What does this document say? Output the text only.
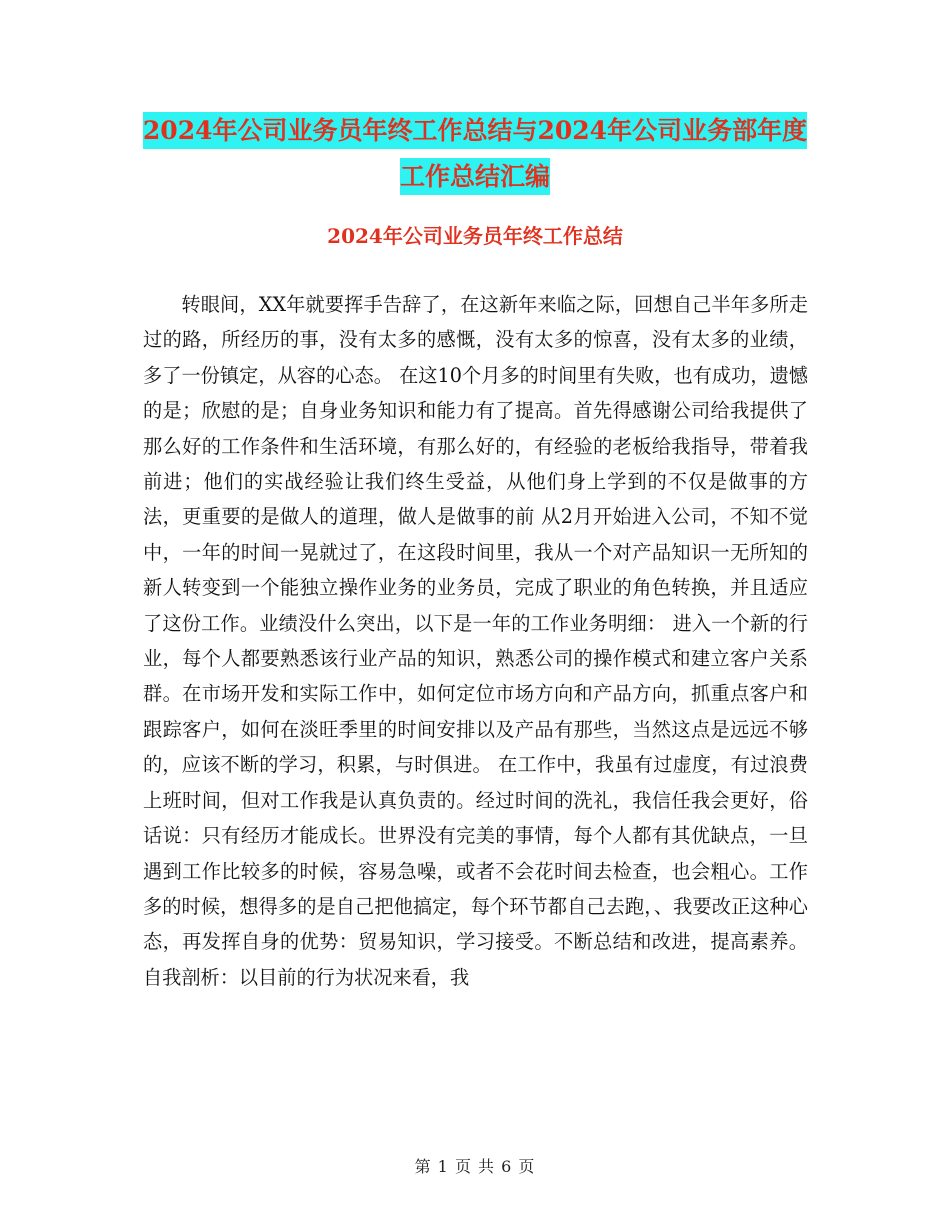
2024年公司业务员年终工作总结与2024年公司业务部年度工作总结汇编
2024年公司业务员年终工作总结

转眼间，XX年就要挥手告辞了，在这新年来临之际，回想自己半年多所走过的路，所经历的事，没有太多的感慨，没有太多的惊喜，没有太多的业绩，多了一份镇定，从容的心态。 在这10个月多的时间里有失败，也有成功，遗憾的是；欣慰的是；自身业务知识和能力有了提高。首先得感谢公司给我提供了那么好的工作条件和生活环境，有那么好的，有经验的老板给我指导，带着我前进；他们的实战经验让我们终生受益，从他们身上学到的不仅是做事的方法，更重要的是做人的道理，做人是做事的前 从2月开始进入公司，不知不觉中，一年的时间一晃就过了，在这段时间里，我从一个对产品知识一无所知的新人转变到一个能独立操作业务的业务员，完成了职业的角色转换，并且适应了这份工作。业绩没什么突出，以下是一年的工作业务明细： 进入一个新的行业，每个人都要熟悉该行业产品的知识，熟悉公司的操作模式和建立客户关系群。在市场开发和实际工作中，如何定位市场方向和产品方向，抓重点客户和跟踪客户，如何在淡旺季里的时间安排以及产品有那些，当然这点是远远不够的，应该不断的学习，积累，与时俱进。 在工作中，我虽有过虚度，有过浪费上班时间，但对工作我是认真负责的。经过时间的洗礼，我信任我会更好，俗话说：只有经历才能成长。世界没有完美的事情，每个人都有其优缺点，一旦遇到工作比较多的时候，容易急噪，或者不会花时间去检查，也会粗心。工作多的时候，想得多的是自己把他搞定，每个环节都自己去跑，、我要改正这种心态，再发挥自身的优势：贸易知识，学习接受。不断总结和改进，提高素养。 自我剖析：以目前的行为状况来看，我

第 1 页 共 6 页
